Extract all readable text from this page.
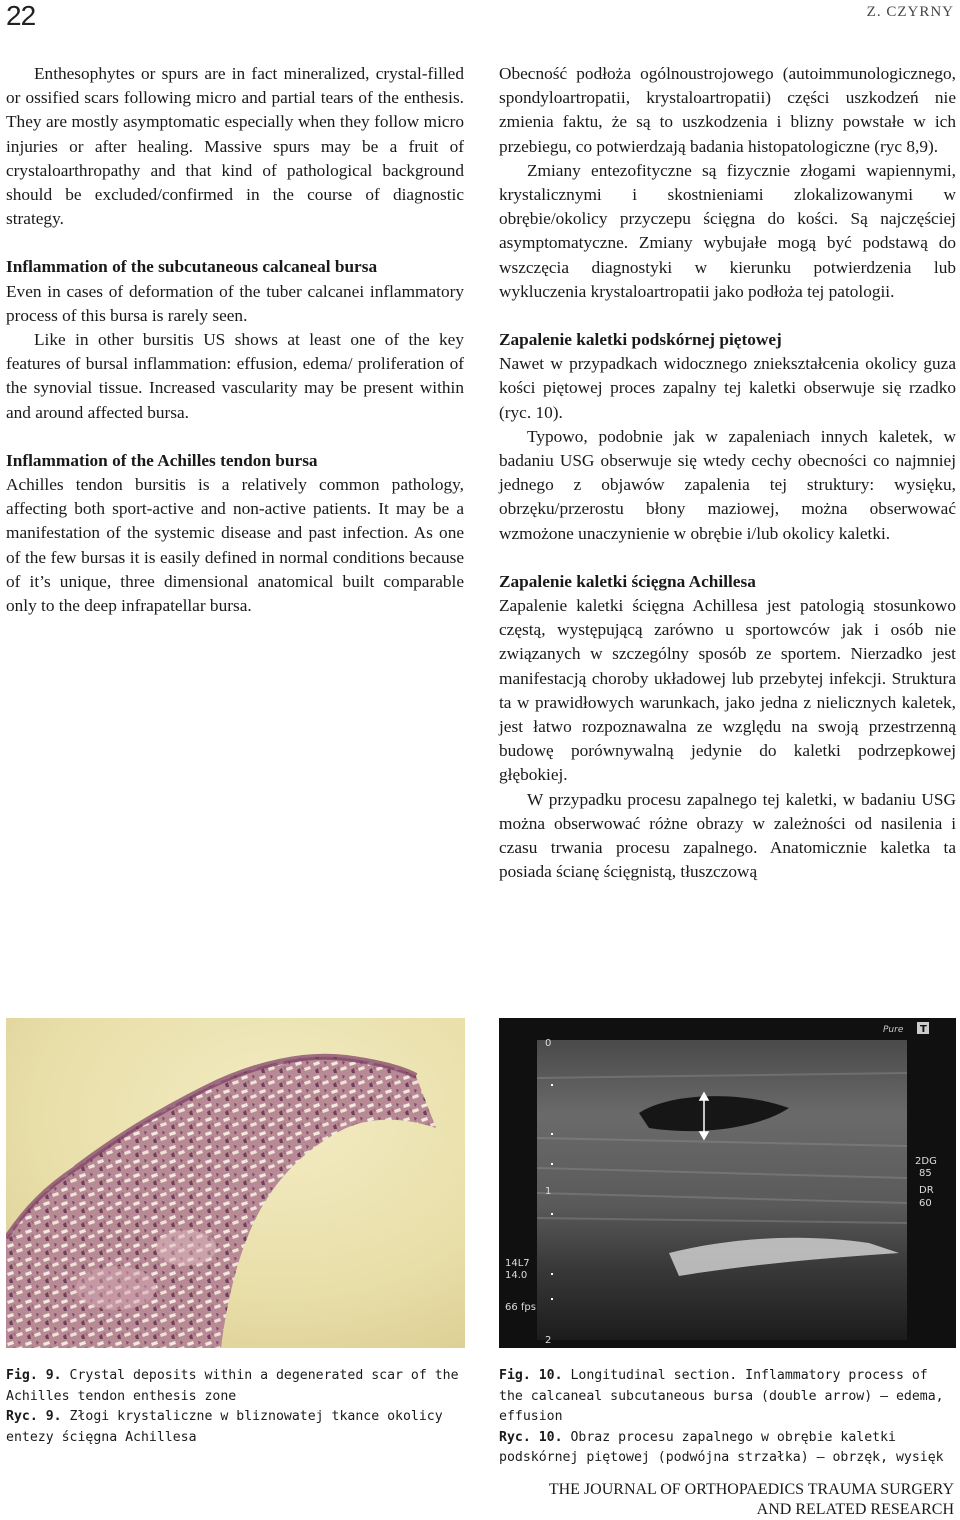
22	Z. CZYRNY

Enthesophytes or spurs are in fact mineralized, crystal-filled or ossified scars following micro and partial tears of the enthesis. They are mostly asymptomatic especially when they follow micro injuries or after healing. Massive spurs may be a fruit of crystaloarthropathy and that kind of pathological background should be excluded/confirmed in the course of diagnostic strategy.

Inflammation of the subcutaneous calcaneal bursa

Even in cases of deformation of the tuber calcanei inflammatory process of this bursa is rarely seen.

Like in other bursitis US shows at least one of the key features of bursal inflammation: effusion, edema/ proliferation of the synovial tissue. Increased vascularity may be present within and around affected bursa.

Inflammation of the Achilles tendon bursa

Achilles tendon bursitis is a relatively common pathology, affecting both sport-active and non-active patients. It may be a manifestation of the systemic disease and past infection. As one of the few bursas it is easily defined in normal conditions because of it’s unique, three dimensional anatomical built comparable only to the deep infrapatellar bursa.

Obecność podłoża ogólnoustrojowego (autoimmunologicznego, spondyloartropatii, krystaloartropatii) części uszkodzeń nie zmienia faktu, że są to uszkodzenia i blizny powstałe w ich przebiegu, co potwierdzają badania histopatologiczne (ryc 8,9).

Zmiany entezofityczne są fizycznie złogami wapiennymi, krystalicznymi i skostnieniami zlokalizowanymi w obrębie/okolicy przyczepu ścięgna do kości. Są najczęściej asymptomatyczne. Zmiany wybujałe mogą być podstawą do wszczęcia diagnostyki w kierunku potwierdzenia lub wykluczenia krystaloartropatii jako podłoża tej patologii.

Zapalenie kaletki podskórnej piętowej

Nawet w przypadkach widocznego zniekształcenia okolicy guza kości piętowej proces zapalny tej kaletki obserwuje się rzadko (ryc. 10).

Typowo, podobnie jak w zapaleniach innych kaletek, w badaniu USG obserwuje się wtedy cechy obecności co najmniej jednego z objawów zapalenia tej struktury: wysięku, obrzęku/przerostu błony maziowej, można obserwować wzmożone unaczynienie w obrębie i/lub okolicy kaletki.

Zapalenie kaletki ścięgna Achillesa

Zapalenie kaletki ścięgna Achillesa jest patologią stosunkowo częstą, występującą zarówno u sportowców jak i osób nie związanych w szczególny sposób ze sportem. Nierzadko jest manifestacją choroby układowej lub przebytej infekcji. Struktura ta w prawidłowych warunkach, jako jedna z nielicznych kaletek, jest łatwo rozpoznawalna ze względu na swoją przestrzenną budowę porównywalną jedynie do kaletki podrzepkowej głębokiej.

W przypadku procesu zapalnego tej kaletki, w badaniu USG można obserwować różne obrazy w zależności od nasilenia i czasu trwania procesu zapalnego. Anatomicznie kaletka ta posiada ścianę ścięgnistą, tłuszczową

0
1
2
Pure T
2DG
85
DR
60
14L7
14.0
66 fps
Fig. 9. Crystal deposits within a degenerated scar of the Achilles tendon enthesis zone
Ryc. 9. Złogi krystaliczne w bliznowatej tkance okolicy entezy ścięgna Achillesa
Fig. 10. Longitudinal section. Inflammatory process of the calcaneal subcutaneous bursa (double arrow) – edema, effusion
Ryc. 10. Obraz procesu zapalnego w obrębie kaletki podskórnej piętowej (podwójna strzałka) – obrzęk, wysięk
THE JOURNAL OF ORTHOPAEDICS TRAUMA SURGERY
AND RELATED RESEARCH
